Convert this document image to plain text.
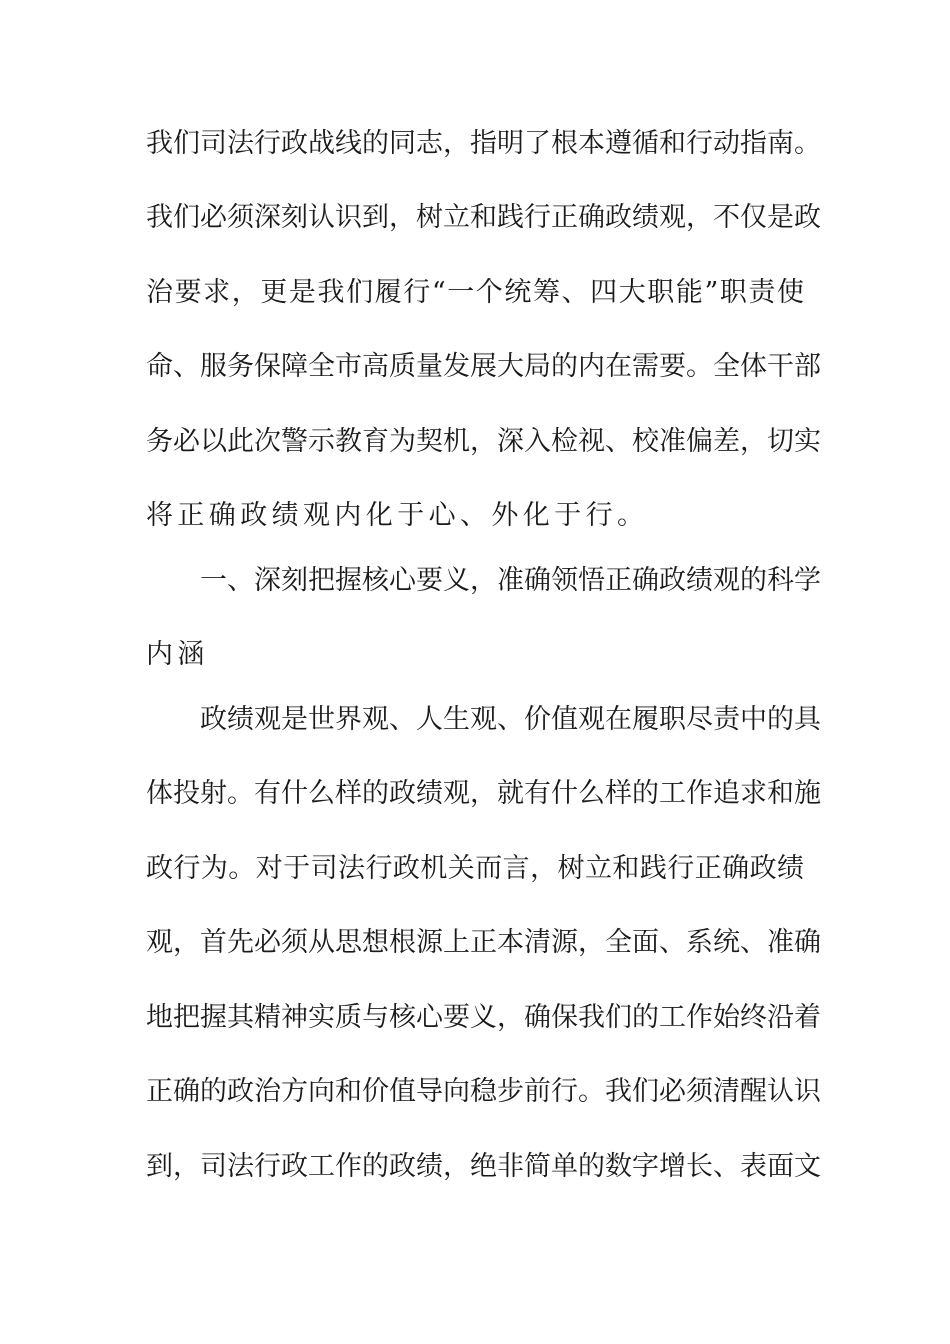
我们司法行政战线的同志，指明了根本遵循和行动指南。
我们必须深刻认识到，树立和践行正确政绩观，不仅是政
治要求，更是我们履行“一个统筹、四大职能”职责使
命、服务保障全市高质量发展大局的内在需要。全体干部
务必以此次警示教育为契机，深入检视、校准偏差，切实
将正确政绩观内化于心、外化于行。
一、深刻把握核心要义，准确领悟正确政绩观的科学
内涵
政绩观是世界观、人生观、价值观在履职尽责中的具
体投射。有什么样的政绩观，就有什么样的工作追求和施
政行为。对于司法行政机关而言，树立和践行正确政绩
观，首先必须从思想根源上正本清源，全面、系统、准确
地把握其精神实质与核心要义，确保我们的工作始终沿着
正确的政治方向和价值导向稳步前行。我们必须清醒认识
到，司法行政工作的政绩，绝非简单的数字增长、表面文
